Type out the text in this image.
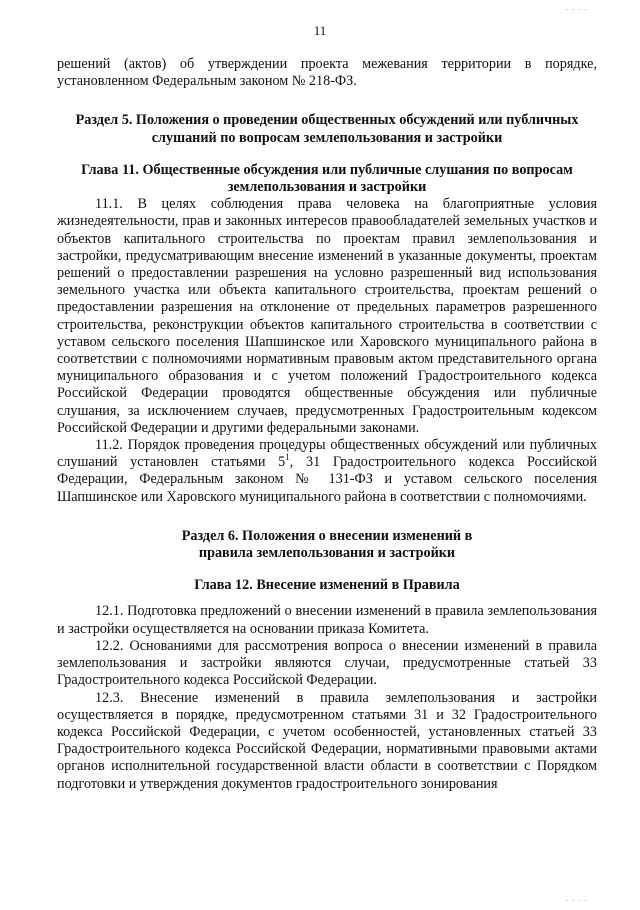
11

решений (актов) об утверждении проекта межевания территории в порядке, установленном Федеральным законом № 218-ФЗ.

Раздел 5. Положения о проведении общественных обсуждений или публичных слушаний по вопросам землепользования и застройки
Глава 11. Общественные обсуждения или публичные слушания по вопросам землепользования и застройки

11.1. В целях соблюдения права человека на благоприятные условия жизнедеятельности, прав и законных интересов правообладателей земельных участков и объектов капитального строительства по проектам правил землепользования и застройки, предусматривающим внесение изменений в указанные документы, проектам решений о предоставлении разрешения на условно разрешенный вид использования земельного участка или объекта капитального строительства, проектам решений о предоставлении разрешения на отклонение от предельных параметров разрешенного строительства, реконструкции объектов капитального строительства в соответствии с уставом сельского поселения Шапшинское или Харовского муниципального района в соответствии с полномочиями нормативным правовым актом представительного органа муниципального образования и с учетом положений Градостроительного кодекса Российской Федерации проводятся общественные обсуждения или публичные слушания, за исключением случаев, предусмотренных Градостроительным кодексом Российской Федерации и другими федеральными законами.

11.2. Порядок проведения процедуры общественных обсуждений или публичных слушаний установлен статьями $5^1$, 31 Градостроительного кодекса Российской Федерации, Федеральным законом № 131-ФЗ и уставом сельского поселения Шапшинское или Харовского муниципального района в соответствии с полномочиями.

Раздел 6. Положения о внесении изменений в
правила землепользования и застройки
Глава 12. Внесение изменений в Правила

12.1. Подготовка предложений о внесении изменений в правила землепользования и застройки осуществляется на основании приказа Комитета.

12.2. Основаниями для рассмотрения вопроса о внесении изменений в правила землепользования и застройки являются случаи, предусмотренные статьей 33 Градостроительного кодекса Российской Федерации.

12.3. Внесение изменений в правила землепользования и застройки осуществляется в порядке, предусмотренном статьями 31 и 32 Градостроительного кодекса Российской Федерации, с учетом особенностей, установленных статьей 33 Градостроительного кодекса Российской Федерации, нормативными правовыми актами органов исполнительной государственной власти области в соответствии с Порядком подготовки и утверждения документов градостроительного зонирования

· · · ·
· · · ·
